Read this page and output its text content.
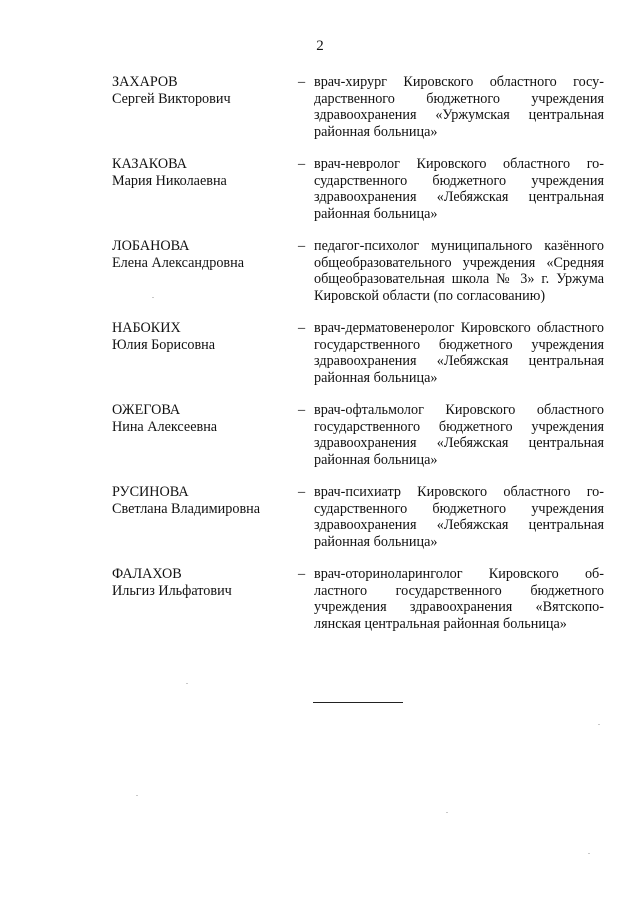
2
ЗАХАРОВ
Сергей Викторович
– врач-хирург Кировского областного государственного бюджетного учреждения здравоохранения «Уржумская центральная районная больница»
КАЗАКОВА
Мария Николаевна
– врач-невролог Кировского областного государственного бюджетного учреждения здравоохранения «Лебяжская центральная районная больница»
ЛОБАНОВА
Елена Александровна
– педагог-психолог муниципального казённого общеобразовательного учреждения «Средняя общеобразовательная школа № 3» г. Уржума Кировской области (по согласованию)
НАБОКИХ
Юлия Борисовна
– врач-дерматовенеролог Кировского областного государственного бюджетного учреждения здравоохранения «Лебяжская центральная районная больница»
ОЖЕГОВА
Нина Алексеевна
– врач-офтальмолог Кировского областного государственного бюджетного учреждения здравоохранения «Лебяжская центральная районная больница»
РУСИНОВА
Светлана Владимировна
– врач-психиатр Кировского областного государственного бюджетного учреждения здравоохранения «Лебяжская центральная районная больница»
ФАЛАХОВ
Ильгиз Ильфатович
– врач-оториноларинголог Кировского областного государственного бюджетного учреждения здравоохранения «Вятскополянская центральная районная больница»
